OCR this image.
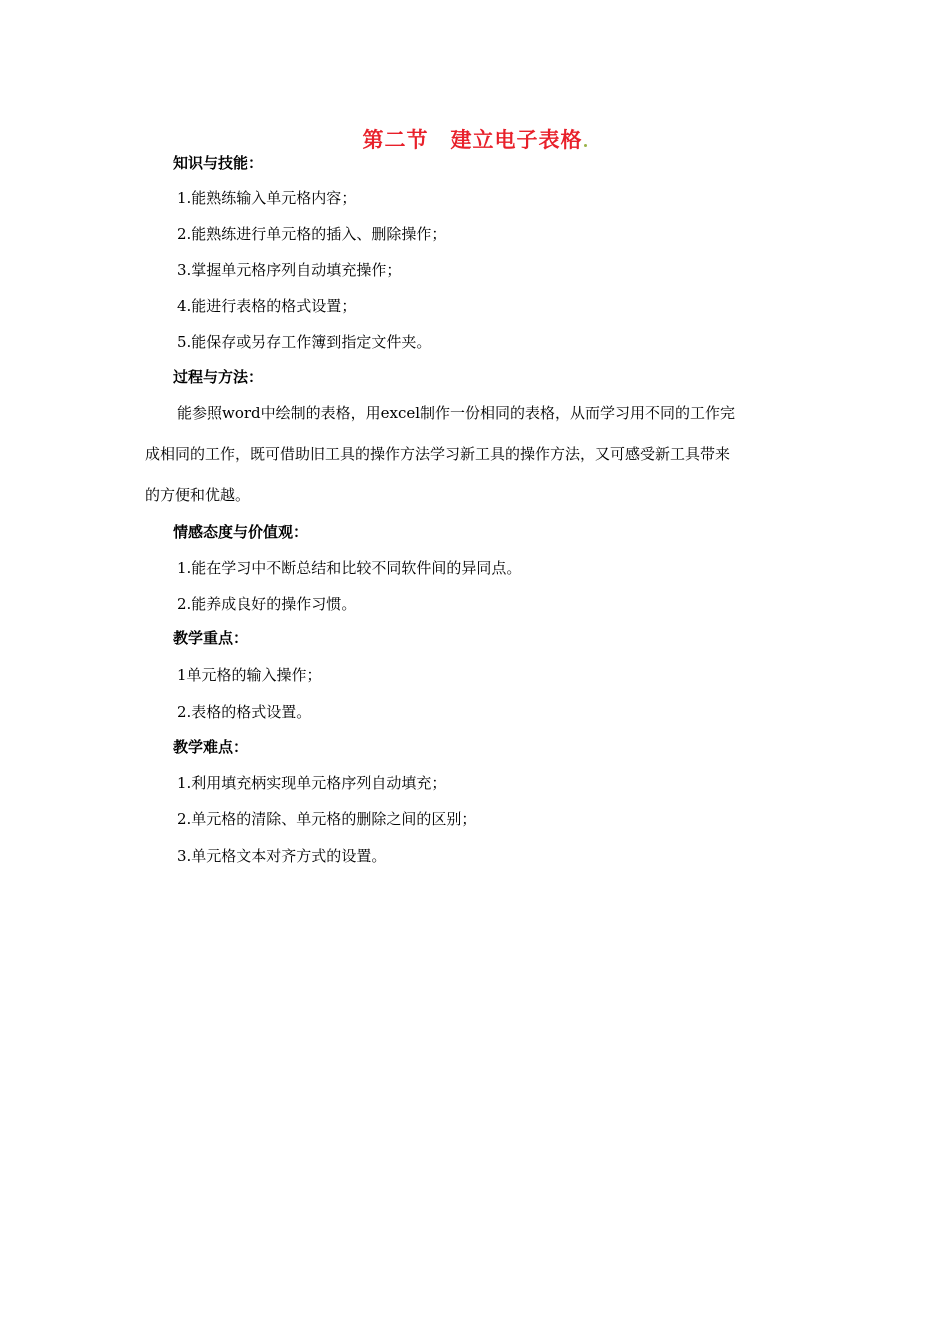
第二节 建立电子表格
知识与技能：
1.能熟练输入单元格内容；
2.能熟练进行单元格的插入、删除操作；
3.掌握单元格序列自动填充操作；
4.能进行表格的格式设置；
5.能保存或另存工作簿到指定文件夹。
过程与方法：
能参照word中绘制的表格，用excel制作一份相同的表格，从而学习用不同的工作完
成相同的工作，既可借助旧工具的操作方法学习新工具的操作方法，又可感受新工具带来
的方便和优越。
情感态度与价值观：
1.能在学习中不断总结和比较不同软件间的异同点。
2.能养成良好的操作习惯。
教学重点：
1单元格的输入操作；
2.表格的格式设置。
教学难点：
1.利用填充柄实现单元格序列自动填充；
2.单元格的清除、单元格的删除之间的区别；
3.单元格文本对齐方式的设置。
